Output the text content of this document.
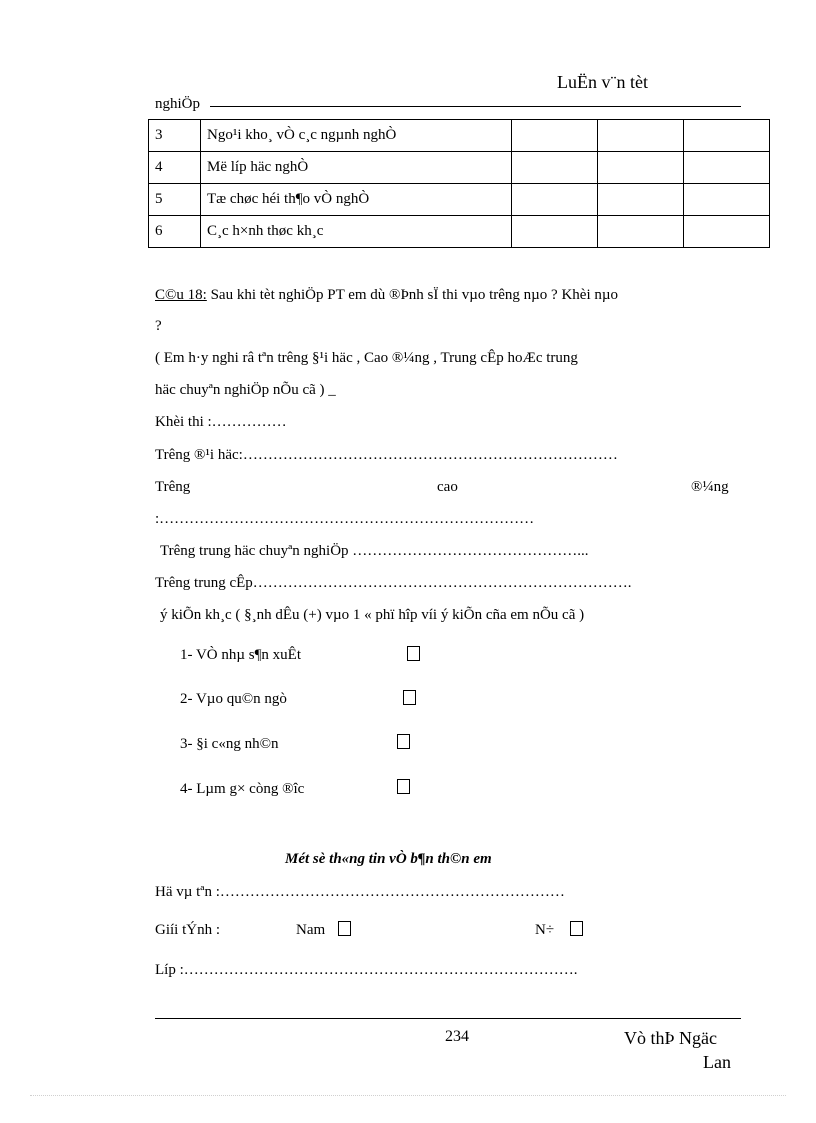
LuËn v¨n tèt
nghiÖp
3	Ngo¹i kho¸ vÒ c¸c ngµnh nghÒ			
4	Më líp häc nghÒ			
5	Tæ chøc héi th¶o vÒ nghÒ			
6	C¸c h×nh thøc kh¸c			
C©u 18: Sau khi tèt nghiÖp PT em dù ®Þnh sÏ thi vµo trêng nµo ? Khèi nµo
?
( Em h·y nghi râ tªn trêng §¹i häc , Cao ®¼ng , Trung cÊp hoÆc trung
häc chuyªn nghiÖp nÕu cã ) _
Khèi thi :……………
Trêng ®¹i häc:…………………………………………………………………
Trêng	cao	®¼ng
:…………………………………………………………………
Trêng trung häc chuyªn nghiÖp ………………………………………...
Trêng trung cÊp………………………………………………………………….
ý kiÕn kh¸c ( §¸nh dÊu (+) vµo 1 « phï hîp víi ý kiÕn cña em nÕu cã )
1- VÒ nhµ s¶n xuÊt
2- Vµo qu©n ngò
3- §i c«ng nh©n
4- Lµm g× còng ®îc
Mét sè th«ng tin vÒ b¶n th©n em
Hä vµ tªn :……………………………………………………………
Giíi tÝnh :	Nam	N÷
Líp :…………………………………………………………………….
234	Vò thÞ Ngäc
Lan
